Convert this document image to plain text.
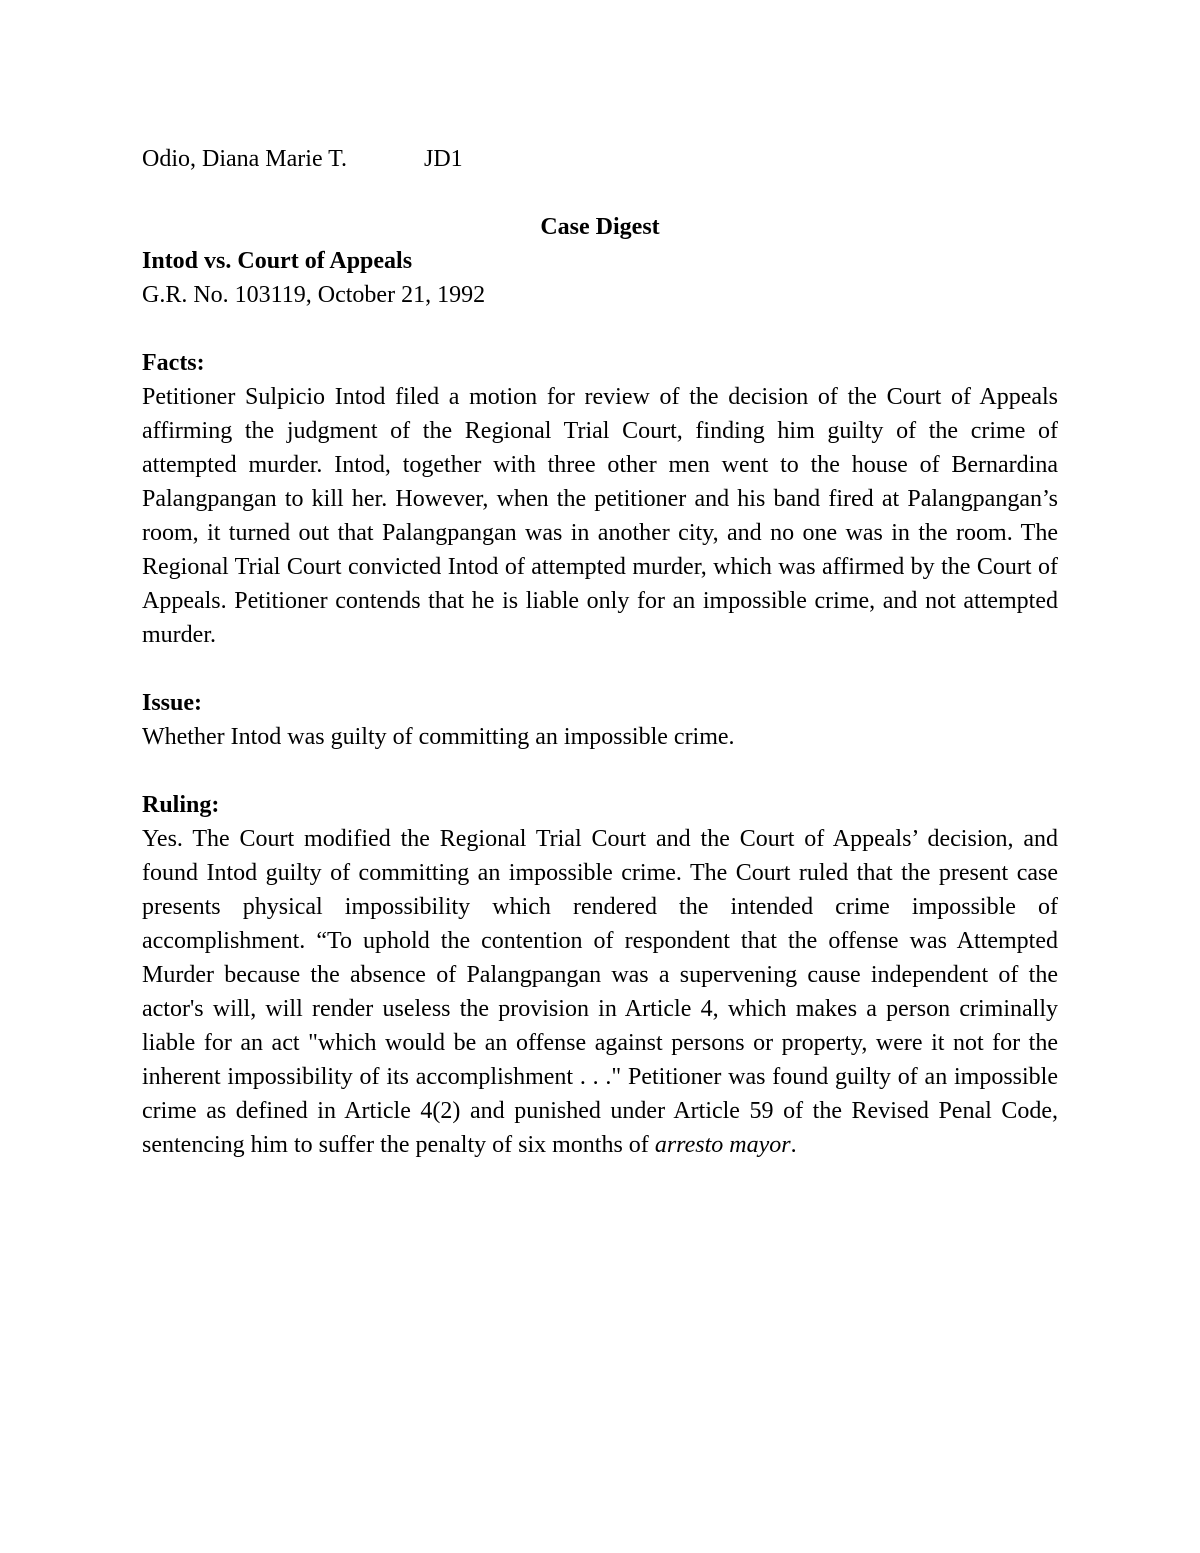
Odio, Diana Marie T.	JD1
Case Digest
Intod vs. Court of Appeals
G.R. No. 103119, October 21, 1992
Facts:

Petitioner Sulpicio Intod filed a motion for review of the decision of the Court of Appeals affirming the judgment of the Regional Trial Court, finding him guilty of the crime of attempted murder. Intod, together with three other men went to the house of Bernardina Palangpangan to kill her. However, when the petitioner and his band fired at Palangpangan’s room, it turned out that Palangpangan was in another city, and no one was in the room. The Regional Trial Court convicted Intod of attempted murder, which was affirmed by the Court of Appeals. Petitioner contends that he is liable only for an impossible crime, and not attempted murder.

Issue:

Whether Intod was guilty of committing an impossible crime.

Ruling:

Yes. The Court modified the Regional Trial Court and the Court of Appeals’ decision, and found Intod guilty of committing an impossible crime. The Court ruled that the present case presents physical impossibility which rendered the intended crime impossible of accomplishment. “To uphold the contention of respondent that the offense was Attempted Murder because the absence of Palangpangan was a supervening cause independent of the actor's will, will render useless the provision in Article 4, which makes a person criminally liable for an act "which would be an offense against persons or property, were it not for the inherent impossibility of its accomplishment . . ." Petitioner was found guilty of an impossible crime as defined in Article 4(2) and punished under Article 59 of the Revised Penal Code, sentencing him to suffer the penalty of six months of arresto mayor.
